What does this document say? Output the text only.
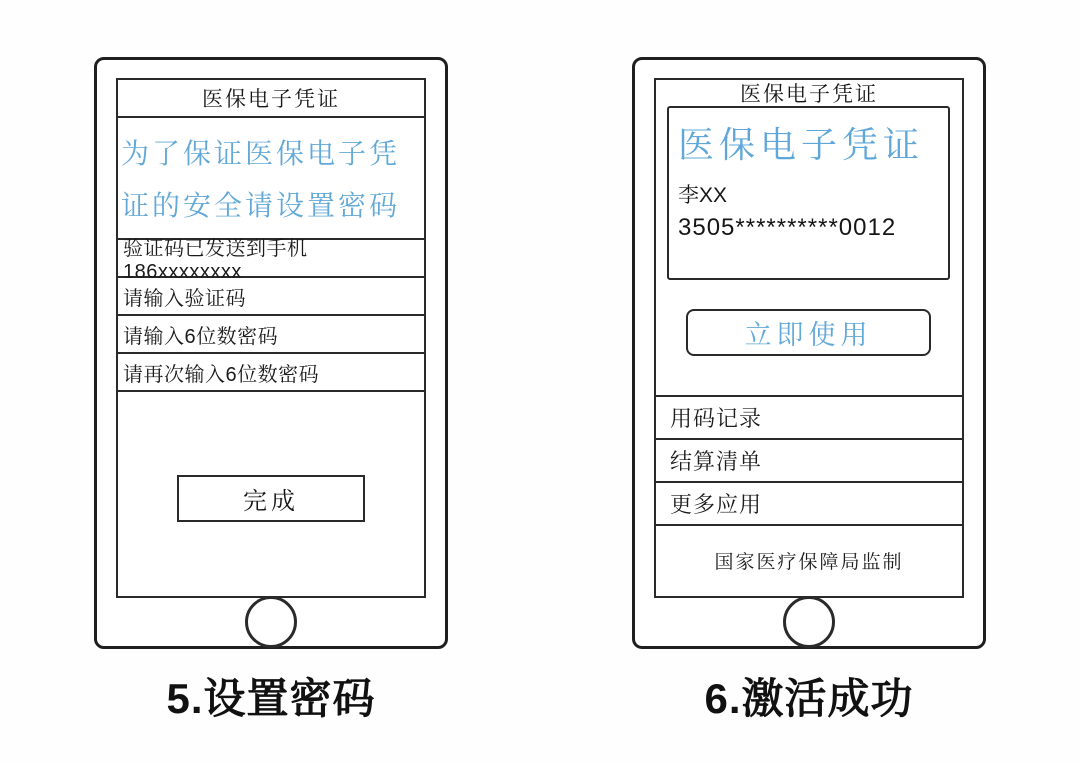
医保电子凭证
为了保证医保电子凭证的安全请设置密码
验证码已发送到手机 186xxxxxxxx
请输入验证码
请输入6位数密码
请再次输入6位数密码
完成
5.设置密码
医保电子凭证
医保电子凭证
李XX
3505**********0012
立即使用
用码记录
结算清单
更多应用
国家医疗保障局监制
6.激活成功
